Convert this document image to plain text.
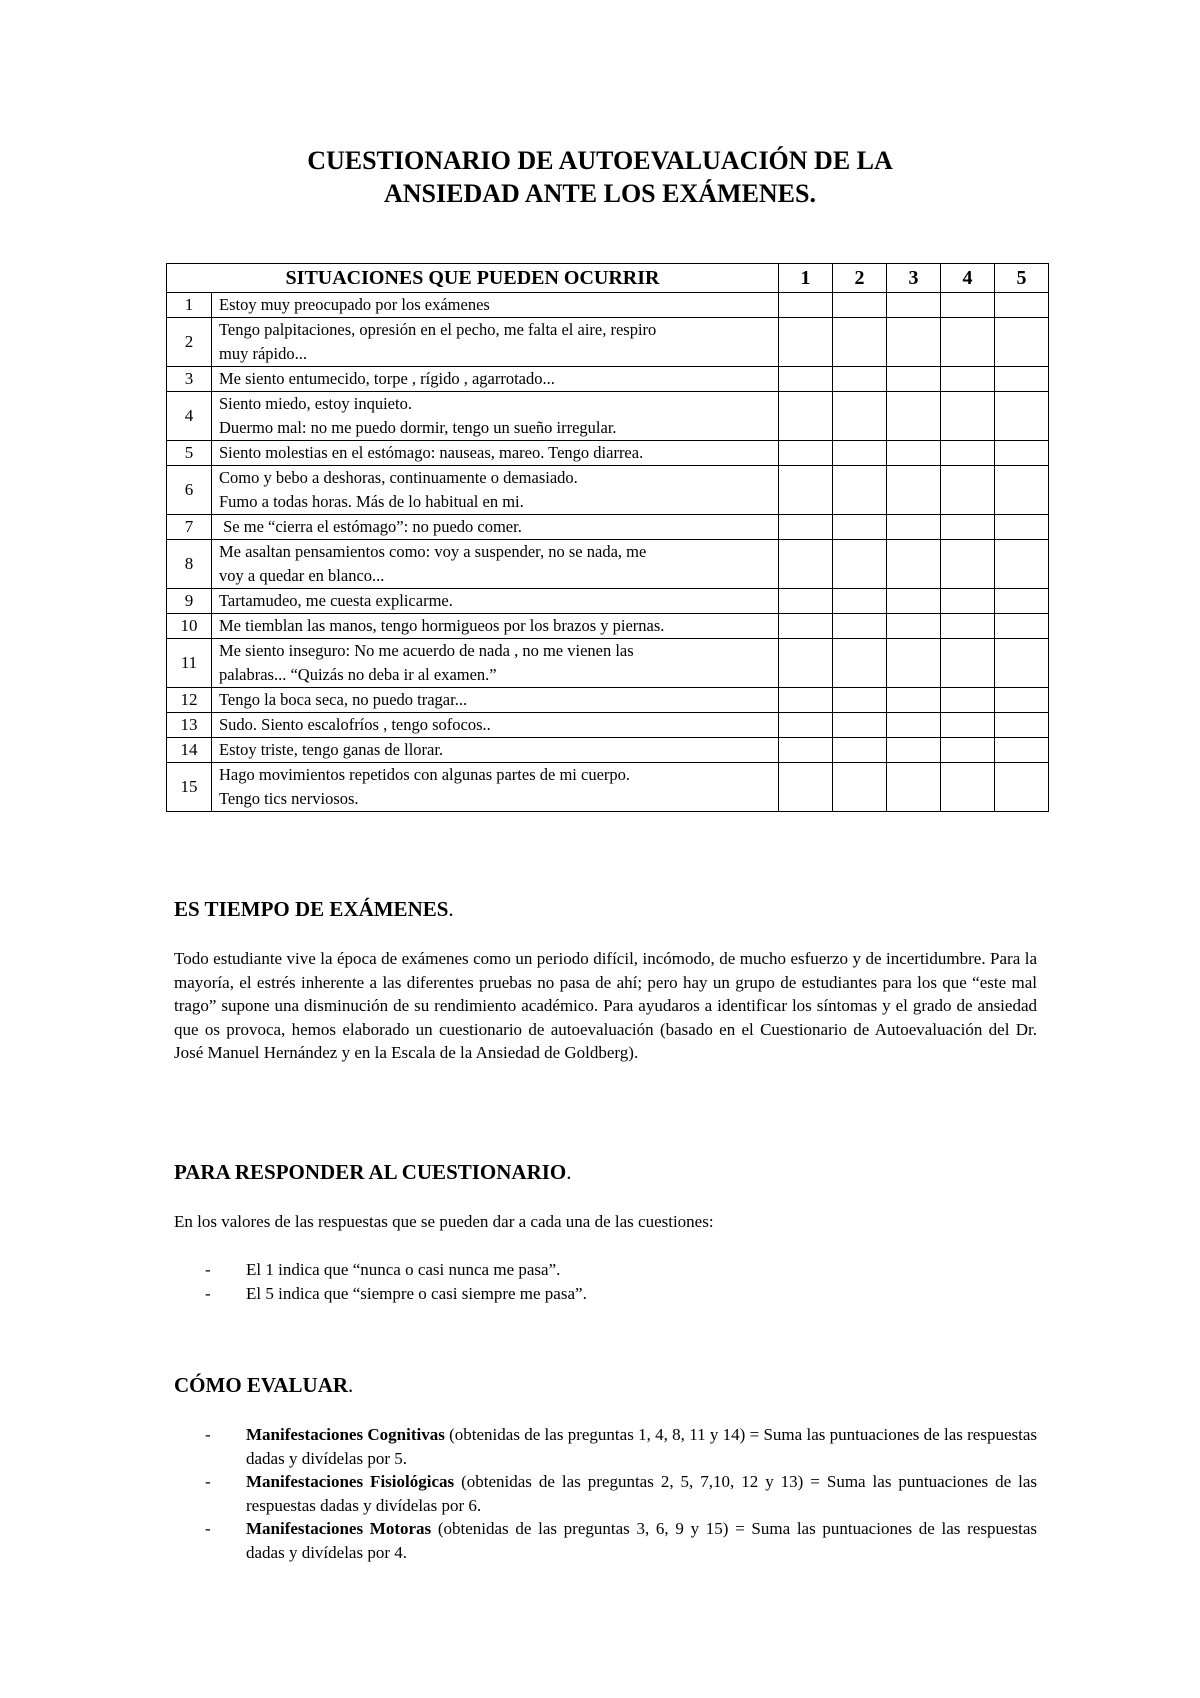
CUESTIONARIO DE AUTOEVALUACIÓN DE LA
ANSIEDAD ANTE LOS EXÁMENES.
SITUACIONES QUE PUEDEN OCURRIR		1	2	3	4	5
1	Estoy muy preocupado por los exámenes					

2	Tengo palpitaciones, opresión en el pecho, me falta el aire, respiro
muy rápido...					

3	Me siento entumecido, torpe , rígido , agarrotado...					

4	Siento miedo, estoy inquieto.
Duermo mal: no me puedo dormir, tengo un sueño irregular.					

5	Siento molestias en el estómago: nauseas, mareo. Tengo diarrea.					

6	Como y bebo a deshoras, continuamente o demasiado.
Fumo a todas horas. Más de lo habitual en mi.					

7	Se me “cierra el estómago”: no puedo comer.					

8	Me asaltan pensamientos como: voy a suspender, no se nada, me
voy a quedar en blanco...					

9	Tartamudeo, me cuesta explicarme.					

10	Me tiemblan las manos, tengo hormigueos por los brazos y piernas.					

11	Me siento inseguro: No me acuerdo de nada , no me vienen las
palabras... “Quizás no deba ir al examen.”					

12	Tengo la boca seca, no puedo tragar...					

13	Sudo. Siento escalofríos , tengo sofocos..					

14	Estoy triste, tengo ganas de llorar.					

15	Hago movimientos repetidos con algunas partes de mi cuerpo.
Tengo tics nerviosos.					

ES TIEMPO DE EXÁMENES.
Todo estudiante vive la época de exámenes como un periodo difícil, incómodo, de mucho esfuerzo y de incertidumbre. Para la mayoría, el estrés inherente a las diferentes pruebas no pasa de ahí; pero hay un grupo de estudiantes para los que “este mal trago” supone una disminución de su rendimiento académico. Para ayudaros a identificar los síntomas y el grado de ansiedad que os provoca, hemos elaborado un cuestionario de autoevaluación (basado en el Cuestionario de Autoevaluación del Dr. José Manuel Hernández y en la Escala de la Ansiedad de Goldberg).
PARA RESPONDER AL CUESTIONARIO.
En los valores de las respuestas que se pueden dar a cada una de las cuestiones:
- El 1 indica que “nunca o casi nunca me pasa”.
- El 5 indica que “siempre o casi siempre me pasa”.
CÓMO EVALUAR.
- Manifestaciones Cognitivas (obtenidas de las preguntas 1, 4, 8, 11 y 14) = Suma las puntuaciones de las respuestas dadas y divídelas por 5.
- Manifestaciones Fisiológicas (obtenidas de las preguntas 2, 5, 7,10, 12 y 13) = Suma las puntuaciones de las respuestas dadas y divídelas por 6.
- Manifestaciones Motoras (obtenidas de las preguntas 3, 6, 9 y 15) = Suma las puntuaciones de las respuestas dadas y divídelas por 4.
